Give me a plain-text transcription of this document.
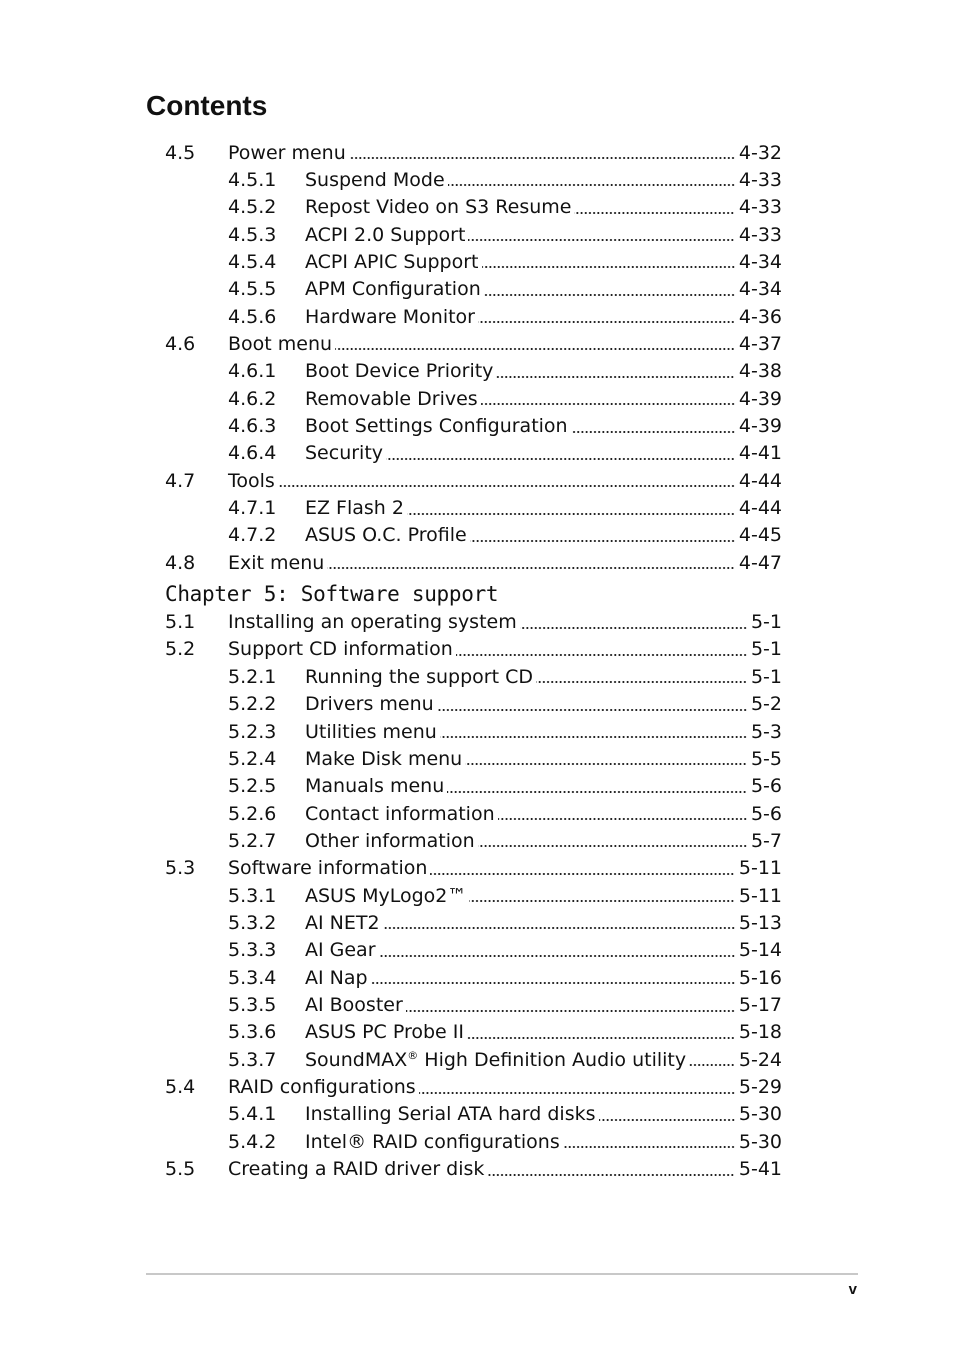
Contents
4.5	Power menu	4-32
4.5.1	Suspend Mode	4-33
4.5.2	Repost Video on S3 Resume	4-33
4.5.3	ACPI 2.0 Support	4-33
4.5.4	ACPI APIC Support	4-34
4.5.5	APM Configuration	4-34
4.5.6	Hardware Monitor	4-36
4.6	Boot menu	4-37
4.6.1	Boot Device Priority	4-38
4.6.2	Removable Drives	4-39
4.6.3	Boot Settings Configuration	4-39
4.6.4	Security	4-41
4.7	Tools	4-44
4.7.1	EZ Flash 2	4-44
4.7.2	ASUS O.C. Profile	4-45
4.8	Exit menu	4-47
Chapter 5: Software support
5.1	Installing an operating system	5-1
5.2	Support CD information	5-1
5.2.1	Running the support CD	5-1
5.2.2	Drivers menu	5-2
5.2.3	Utilities menu	5-3
5.2.4	Make Disk menu	5-5
5.2.5	Manuals menu	5-6
5.2.6	Contact information	5-6
5.2.7	Other information	5-7
5.3	Software information	5-11
5.3.1	ASUS MyLogo2™	5-11
5.3.2	AI NET2	5-13
5.3.3	AI Gear	5-14
5.3.4	AI Nap	5-16
5.3.5	AI Booster	5-17
5.3.6	ASUS PC Probe II	5-18
5.3.7	SoundMAX® High Definition Audio utility	5-24
5.4	RAID configurations	5-29
5.4.1	Installing Serial ATA hard disks	5-30
5.4.2	Intel® RAID configurations	5-30
5.5	Creating a RAID driver disk	5-41
v
